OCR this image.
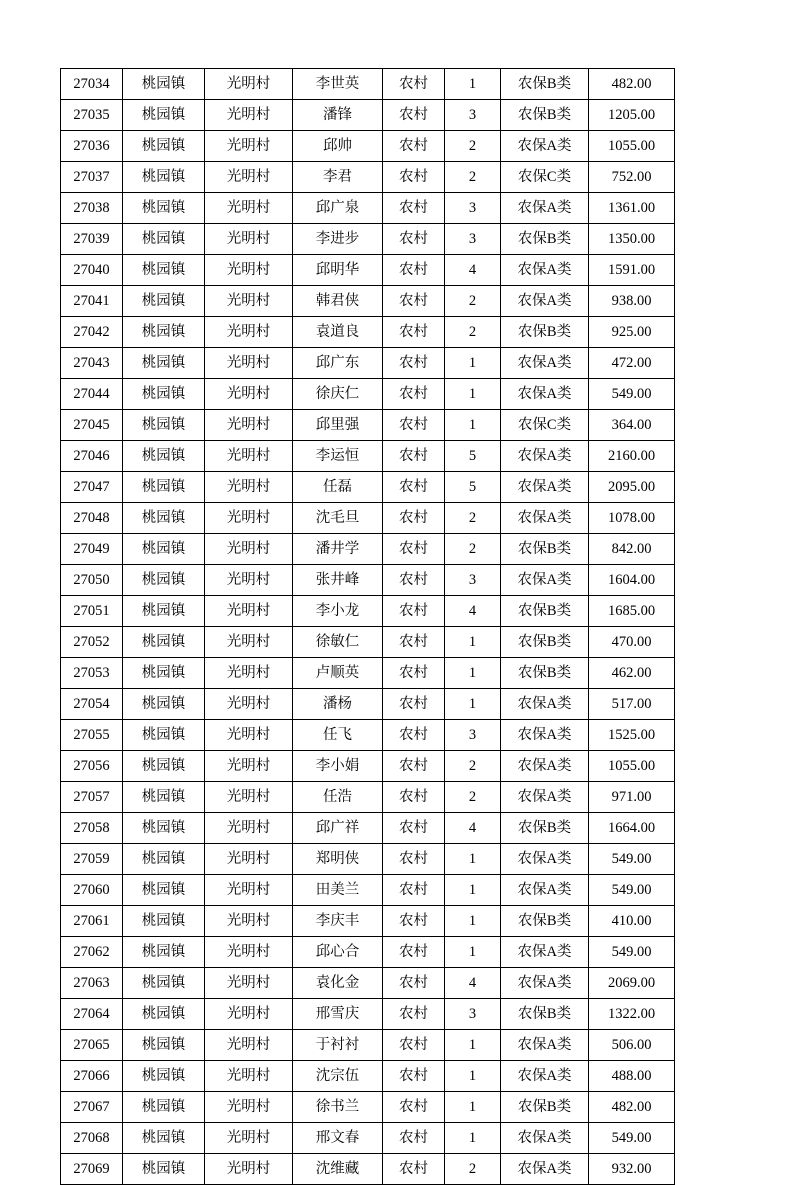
27034	桃园镇	光明村	李世英	农村	1	农保B类	482.00
27035	桃园镇	光明村	潘锋	农村	3	农保B类	1205.00
27036	桃园镇	光明村	邱帅	农村	2	农保A类	1055.00
27037	桃园镇	光明村	李君	农村	2	农保C类	752.00
27038	桃园镇	光明村	邱广泉	农村	3	农保A类	1361.00
27039	桃园镇	光明村	李进步	农村	3	农保B类	1350.00
27040	桃园镇	光明村	邱明华	农村	4	农保A类	1591.00
27041	桃园镇	光明村	韩君侠	农村	2	农保A类	938.00
27042	桃园镇	光明村	袁道良	农村	2	农保B类	925.00
27043	桃园镇	光明村	邱广东	农村	1	农保A类	472.00
27044	桃园镇	光明村	徐庆仁	农村	1	农保A类	549.00
27045	桃园镇	光明村	邱里强	农村	1	农保C类	364.00
27046	桃园镇	光明村	李运恒	农村	5	农保A类	2160.00
27047	桃园镇	光明村	任磊	农村	5	农保A类	2095.00
27048	桃园镇	光明村	沈毛旦	农村	2	农保A类	1078.00
27049	桃园镇	光明村	潘井学	农村	2	农保B类	842.00
27050	桃园镇	光明村	张井峰	农村	3	农保A类	1604.00
27051	桃园镇	光明村	李小龙	农村	4	农保B类	1685.00
27052	桃园镇	光明村	徐敏仁	农村	1	农保B类	470.00
27053	桃园镇	光明村	卢顺英	农村	1	农保B类	462.00
27054	桃园镇	光明村	潘杨	农村	1	农保A类	517.00
27055	桃园镇	光明村	任飞	农村	3	农保A类	1525.00
27056	桃园镇	光明村	李小娟	农村	2	农保A类	1055.00
27057	桃园镇	光明村	任浩	农村	2	农保A类	971.00
27058	桃园镇	光明村	邱广祥	农村	4	农保B类	1664.00
27059	桃园镇	光明村	郑明侠	农村	1	农保A类	549.00
27060	桃园镇	光明村	田美兰	农村	1	农保A类	549.00
27061	桃园镇	光明村	李庆丰	农村	1	农保B类	410.00
27062	桃园镇	光明村	邱心合	农村	1	农保A类	549.00
27063	桃园镇	光明村	袁化金	农村	4	农保A类	2069.00
27064	桃园镇	光明村	邢雪庆	农村	3	农保B类	1322.00
27065	桃园镇	光明村	于衬衬	农村	1	农保A类	506.00
27066	桃园镇	光明村	沈宗伍	农村	1	农保A类	488.00
27067	桃园镇	光明村	徐书兰	农村	1	农保B类	482.00
27068	桃园镇	光明村	邢文春	农村	1	农保A类	549.00
27069	桃园镇	光明村	沈维藏	农村	2	农保A类	932.00
